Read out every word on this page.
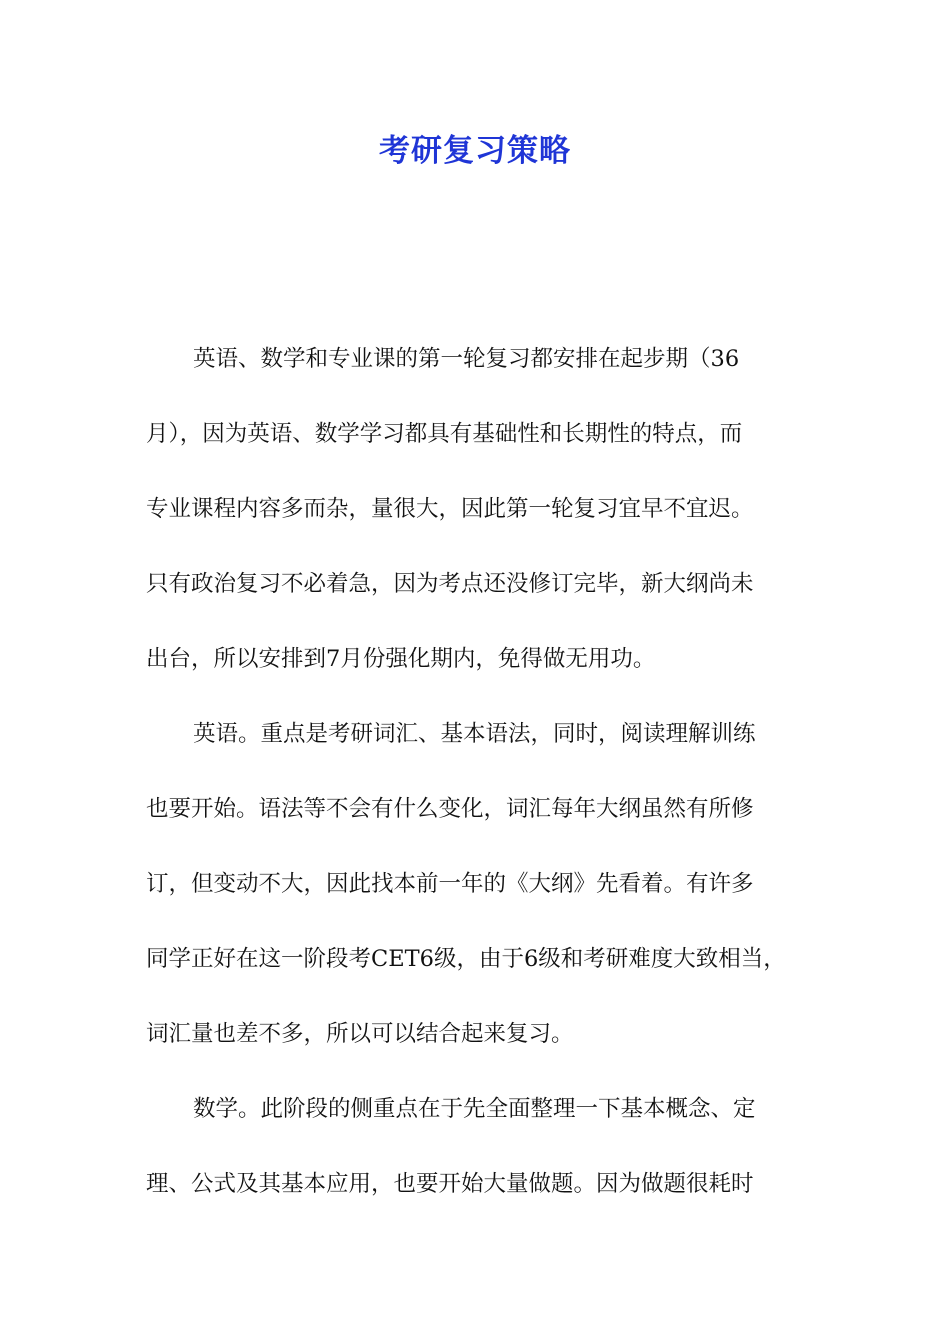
考研复习策略
英语、数学和专业课的第一轮复习都安排在起步期（36
月），因为英语、数学学习都具有基础性和长期性的特点，而
专业课程内容多而杂，量很大，因此第一轮复习宜早不宜迟。
只有政治复习不必着急，因为考点还没修订完毕，新大纲尚未
出台，所以安排到7月份强化期内，免得做无用功。
英语。重点是考研词汇、基本语法，同时，阅读理解训练
也要开始。语法等不会有什么变化，词汇每年大纲虽然有所修
订，但变动不大，因此找本前一年的《大纲》先看着。有许多
同学正好在这一阶段考CET6级，由于6级和考研难度大致相当，
词汇量也差不多，所以可以结合起来复习。
数学。此阶段的侧重点在于先全面整理一下基本概念、定
理、公式及其基本应用，也要开始大量做题。因为做题很耗时
